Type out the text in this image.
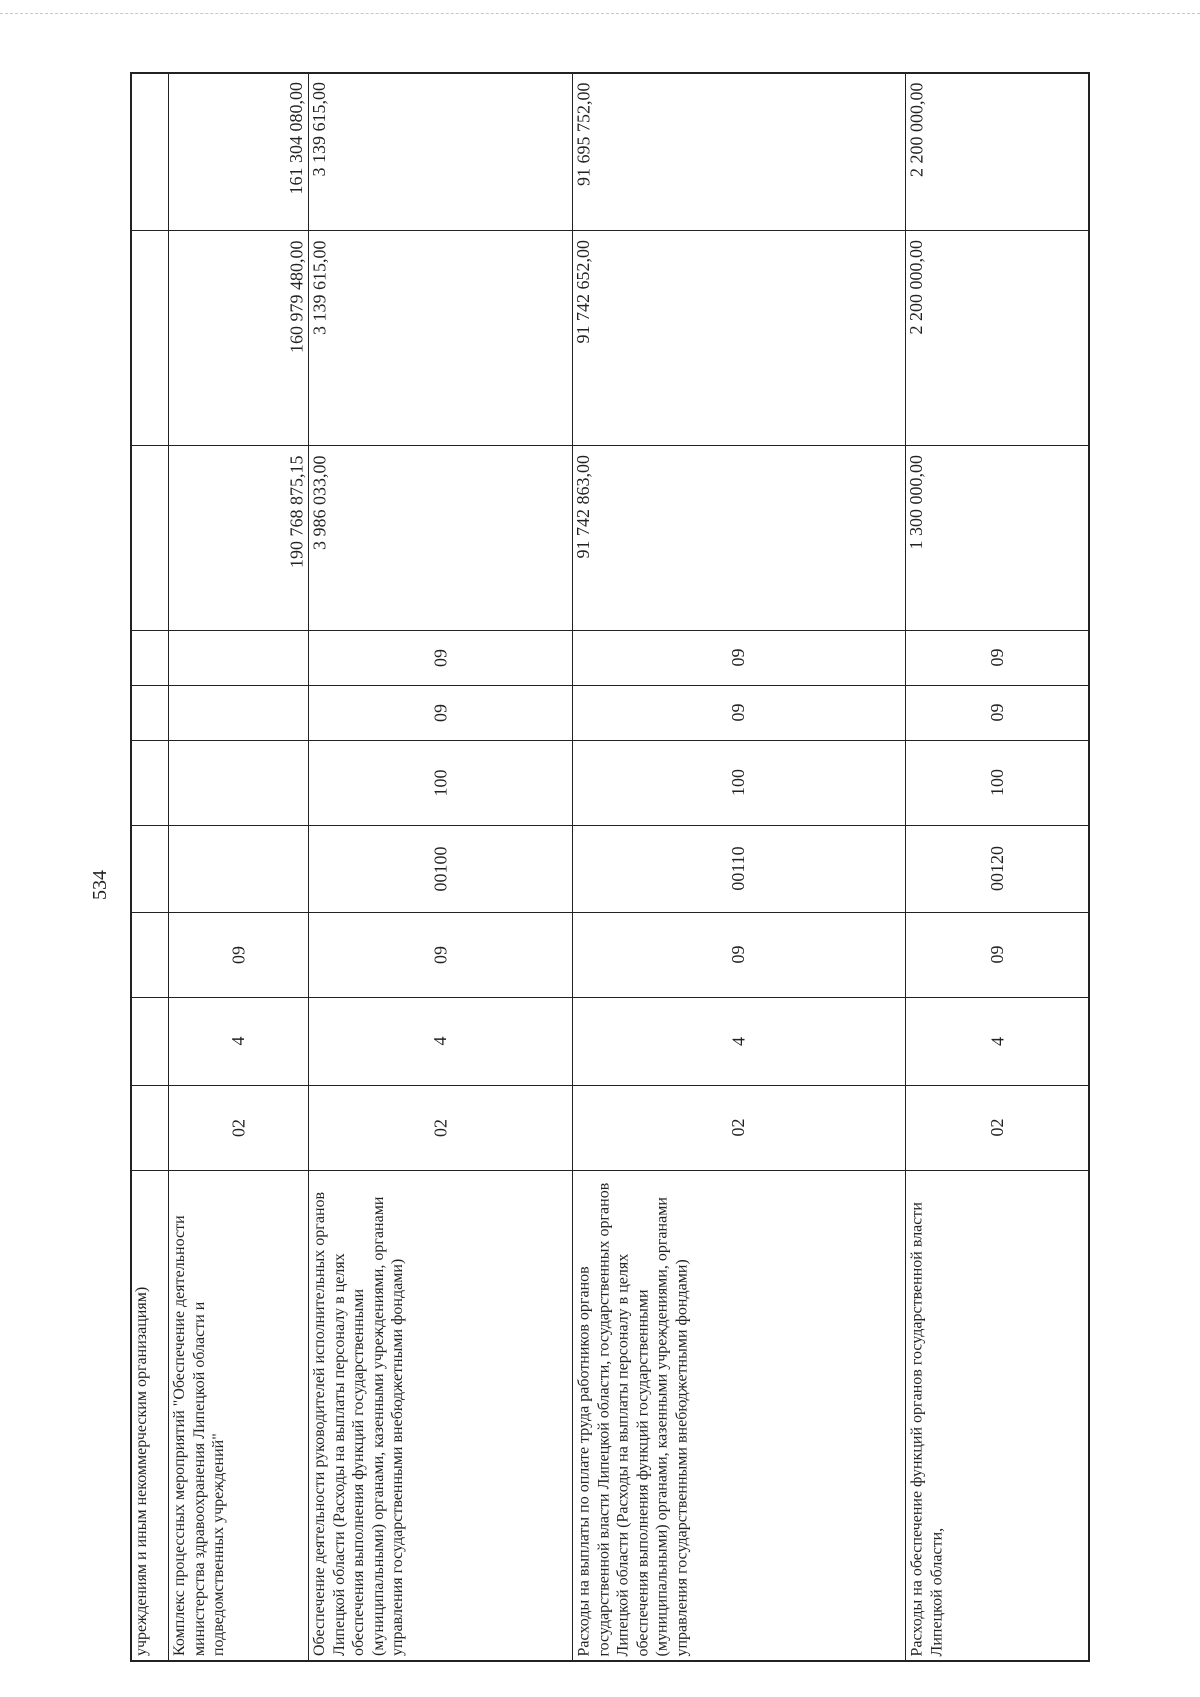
534
учреждениям и иным некоммерческим организациям)	Комплекс процессных мероприятий "Обеспечение деятельности министерства здравоохранения Липецкой области и подведомственных учреждений"
02
4
09
190 768 875,15
160 979 480,00
161 304 080,00
Обеспечение деятельности руководителей исполнительных органов Липецкой области (Расходы на выплаты персоналу в целях обеспечения выполнения функций государственными (муниципальными) органами, казенными учреждениями, органами управления государственными внебюджетными фондами)
02
4
09
00100
100
09
09
3 986 033,00
3 139 615,00
3 139 615,00
Расходы на выплаты по оплате труда работников органов государственной власти Липецкой области, государственных органов Липецкой области (Расходы на выплаты персоналу в целях обеспечения выполнения функций государственными (муниципальными) органами, казенными учреждениями, органами управления государственными внебюджетными фондами)
02
4
09
00110
100
09
09
91 742 863,00
91 742 652,00
91 695 752,00
Расходы на обеспечение функций органов государственной власти Липецкой области,
02
4
09
00120
100
09
09
1 300 000,00
2 200 000,00
2 200 000,00
